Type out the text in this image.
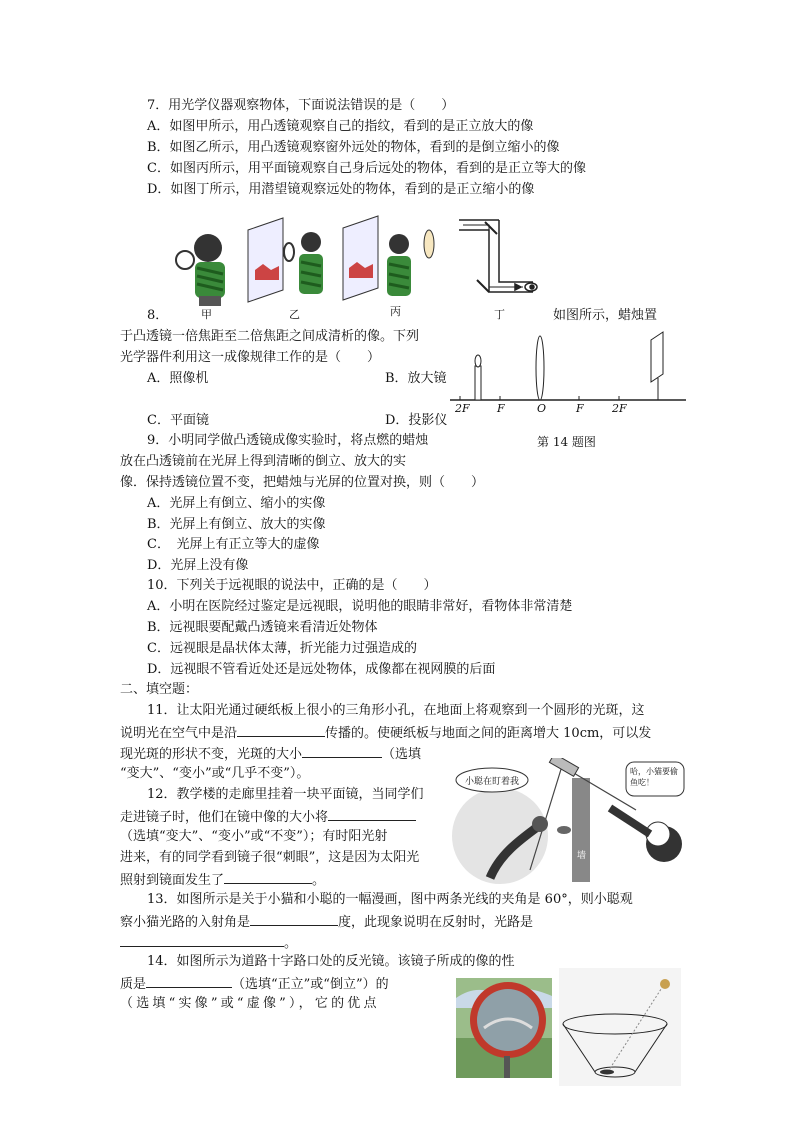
7．用光学仪器观察物体，下面说法错误的是（　　）
A．如图甲所示，用凸透镜观察自己的指纹，看到的是正立放大的像
B．如图乙所示，用凸透镜观察窗外远处的物体，看到的是倒立缩小的像
C．如图丙所示，用平面镜观察自己身后远处的物体，看到的是正立等大的像
D．如图丁所示，用潜望镜观察远处的物体，看到的是正立缩小的像
甲	乙	丙	丁
8．	如图所示，蜡烛置
于凸透镜一倍焦距至二倍焦距之间成清析的像。下列
光学器件利用这一成像规律工作的是（　　）
A．照像机	B．放大镜
C．平面镜	D．投影仪
2F F	O	F	2F
第 14 题图
9．小明同学做凸透镜成像实验时，将点燃的蜡烛
放在凸透镜前在光屏上得到清晰的倒立、放大的实
像．保持透镜位置不变，把蜡烛与光屏的位置对换，则（　　）
A．光屏上有倒立、缩小的实像
B．光屏上有倒立、放大的实像
C．　光屏上有正立等大的虚像
D．光屏上没有像
10．下列关于远视眼的说法中，正确的是（　　）
A．小明在医院经过鉴定是远视眼，说明他的眼睛非常好，看物体非常清楚
B．远视眼要配戴凸透镜来看清近处物体
C．远视眼是晶状体太薄，折光能力过强造成的
D．远视眼不管看近处还是远处物体，成像都在视网膜的后面
二、填空题：
11．让太阳光通过硬纸板上很小的三角形小孔，在地面上将观察到一个圆形的光斑，这
说明光在空气中是沿	传播的。使硬纸板与地面之间的距离增大 10cm，可以发
现光斑的形状不变，光斑的大小	（选填
“变大”、“变小”或“几乎不变”）。
12．教学楼的走廊里挂着一块平面镜，当同学们
走进镜子时，他们在镜中像的大小将
（选填“变大”、“变小”或“不变”）；有时阳光射
进来，有的同学看到镜子很“刺眼”，这是因为太阳光
照射到镜面发生了	。
小聪在盯着我
哈，小猫要偷鱼吃！
墙
13．如图所示是关于小猫和小聪的一幅漫画，图中两条光线的夹角是 60°，则小聪观
察小猫光路的入射角是	度，此现象说明在反射时，光路是
。
14．如图所示为道路十字路口处的反光镜。该镜子所成的像的性
质是	（选填“正立”或“倒立”）的
（选填“实像”或“虚像”），它的优点
